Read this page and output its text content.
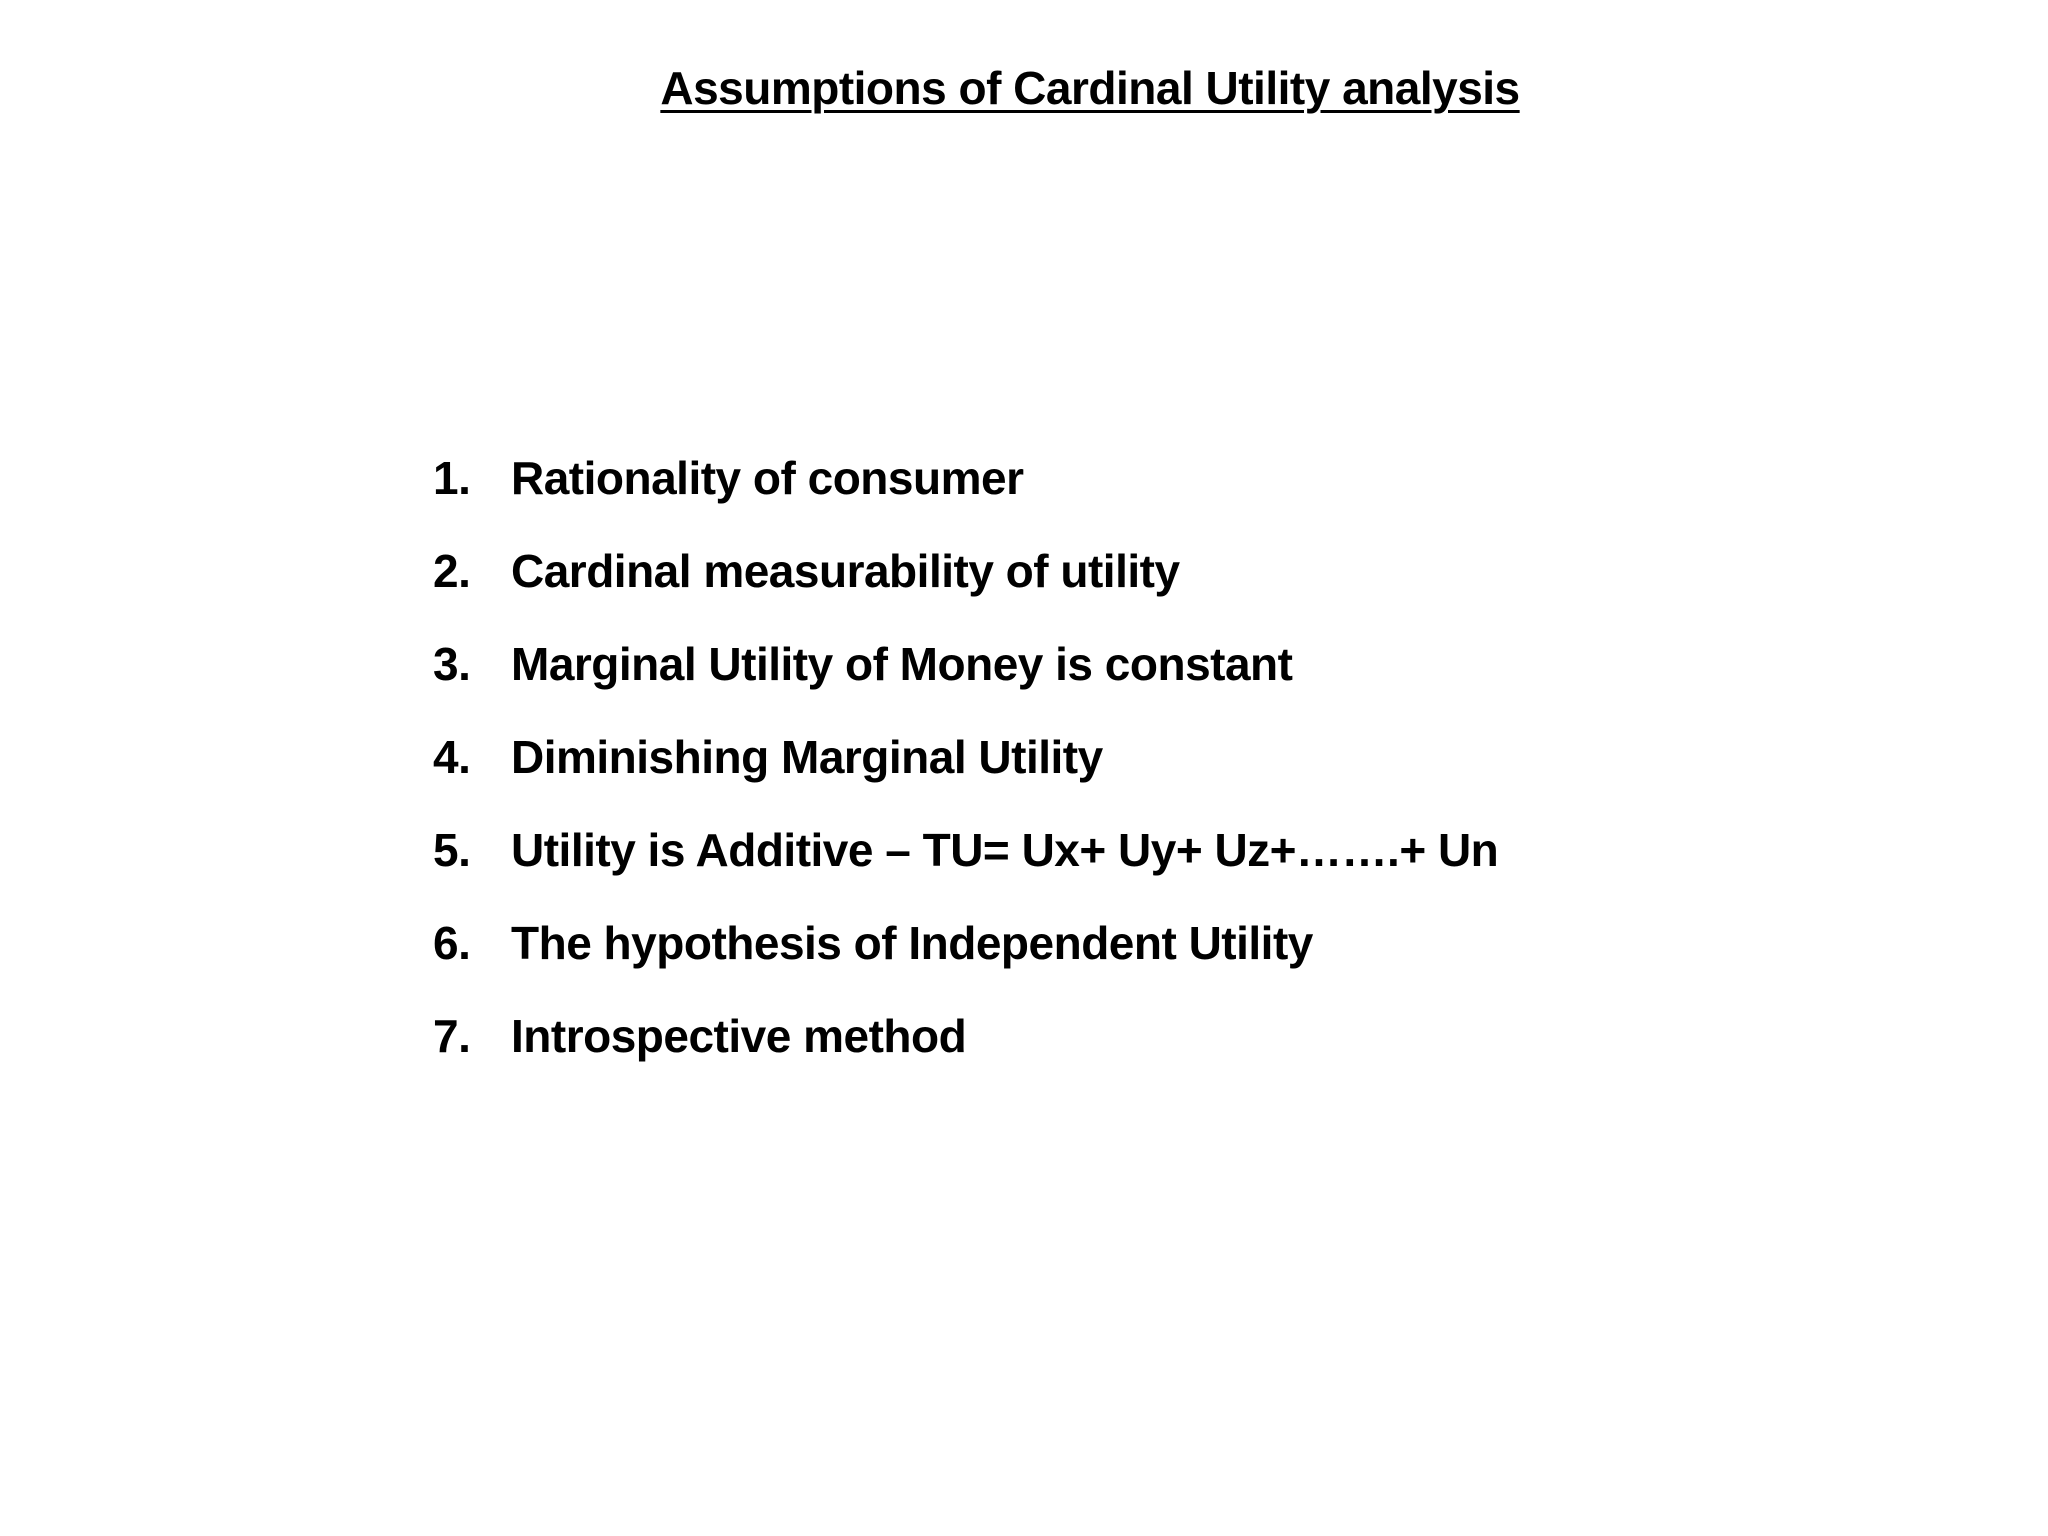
Assumptions of Cardinal Utility analysis
1. Rationality of consumer
2. Cardinal measurability of utility
3. Marginal Utility of Money is constant
4. Diminishing Marginal Utility
5. Utility is Additive – TU= Ux+ Uy+ Uz+…….+ Un
6. The hypothesis of Independent Utility
7. Introspective method
